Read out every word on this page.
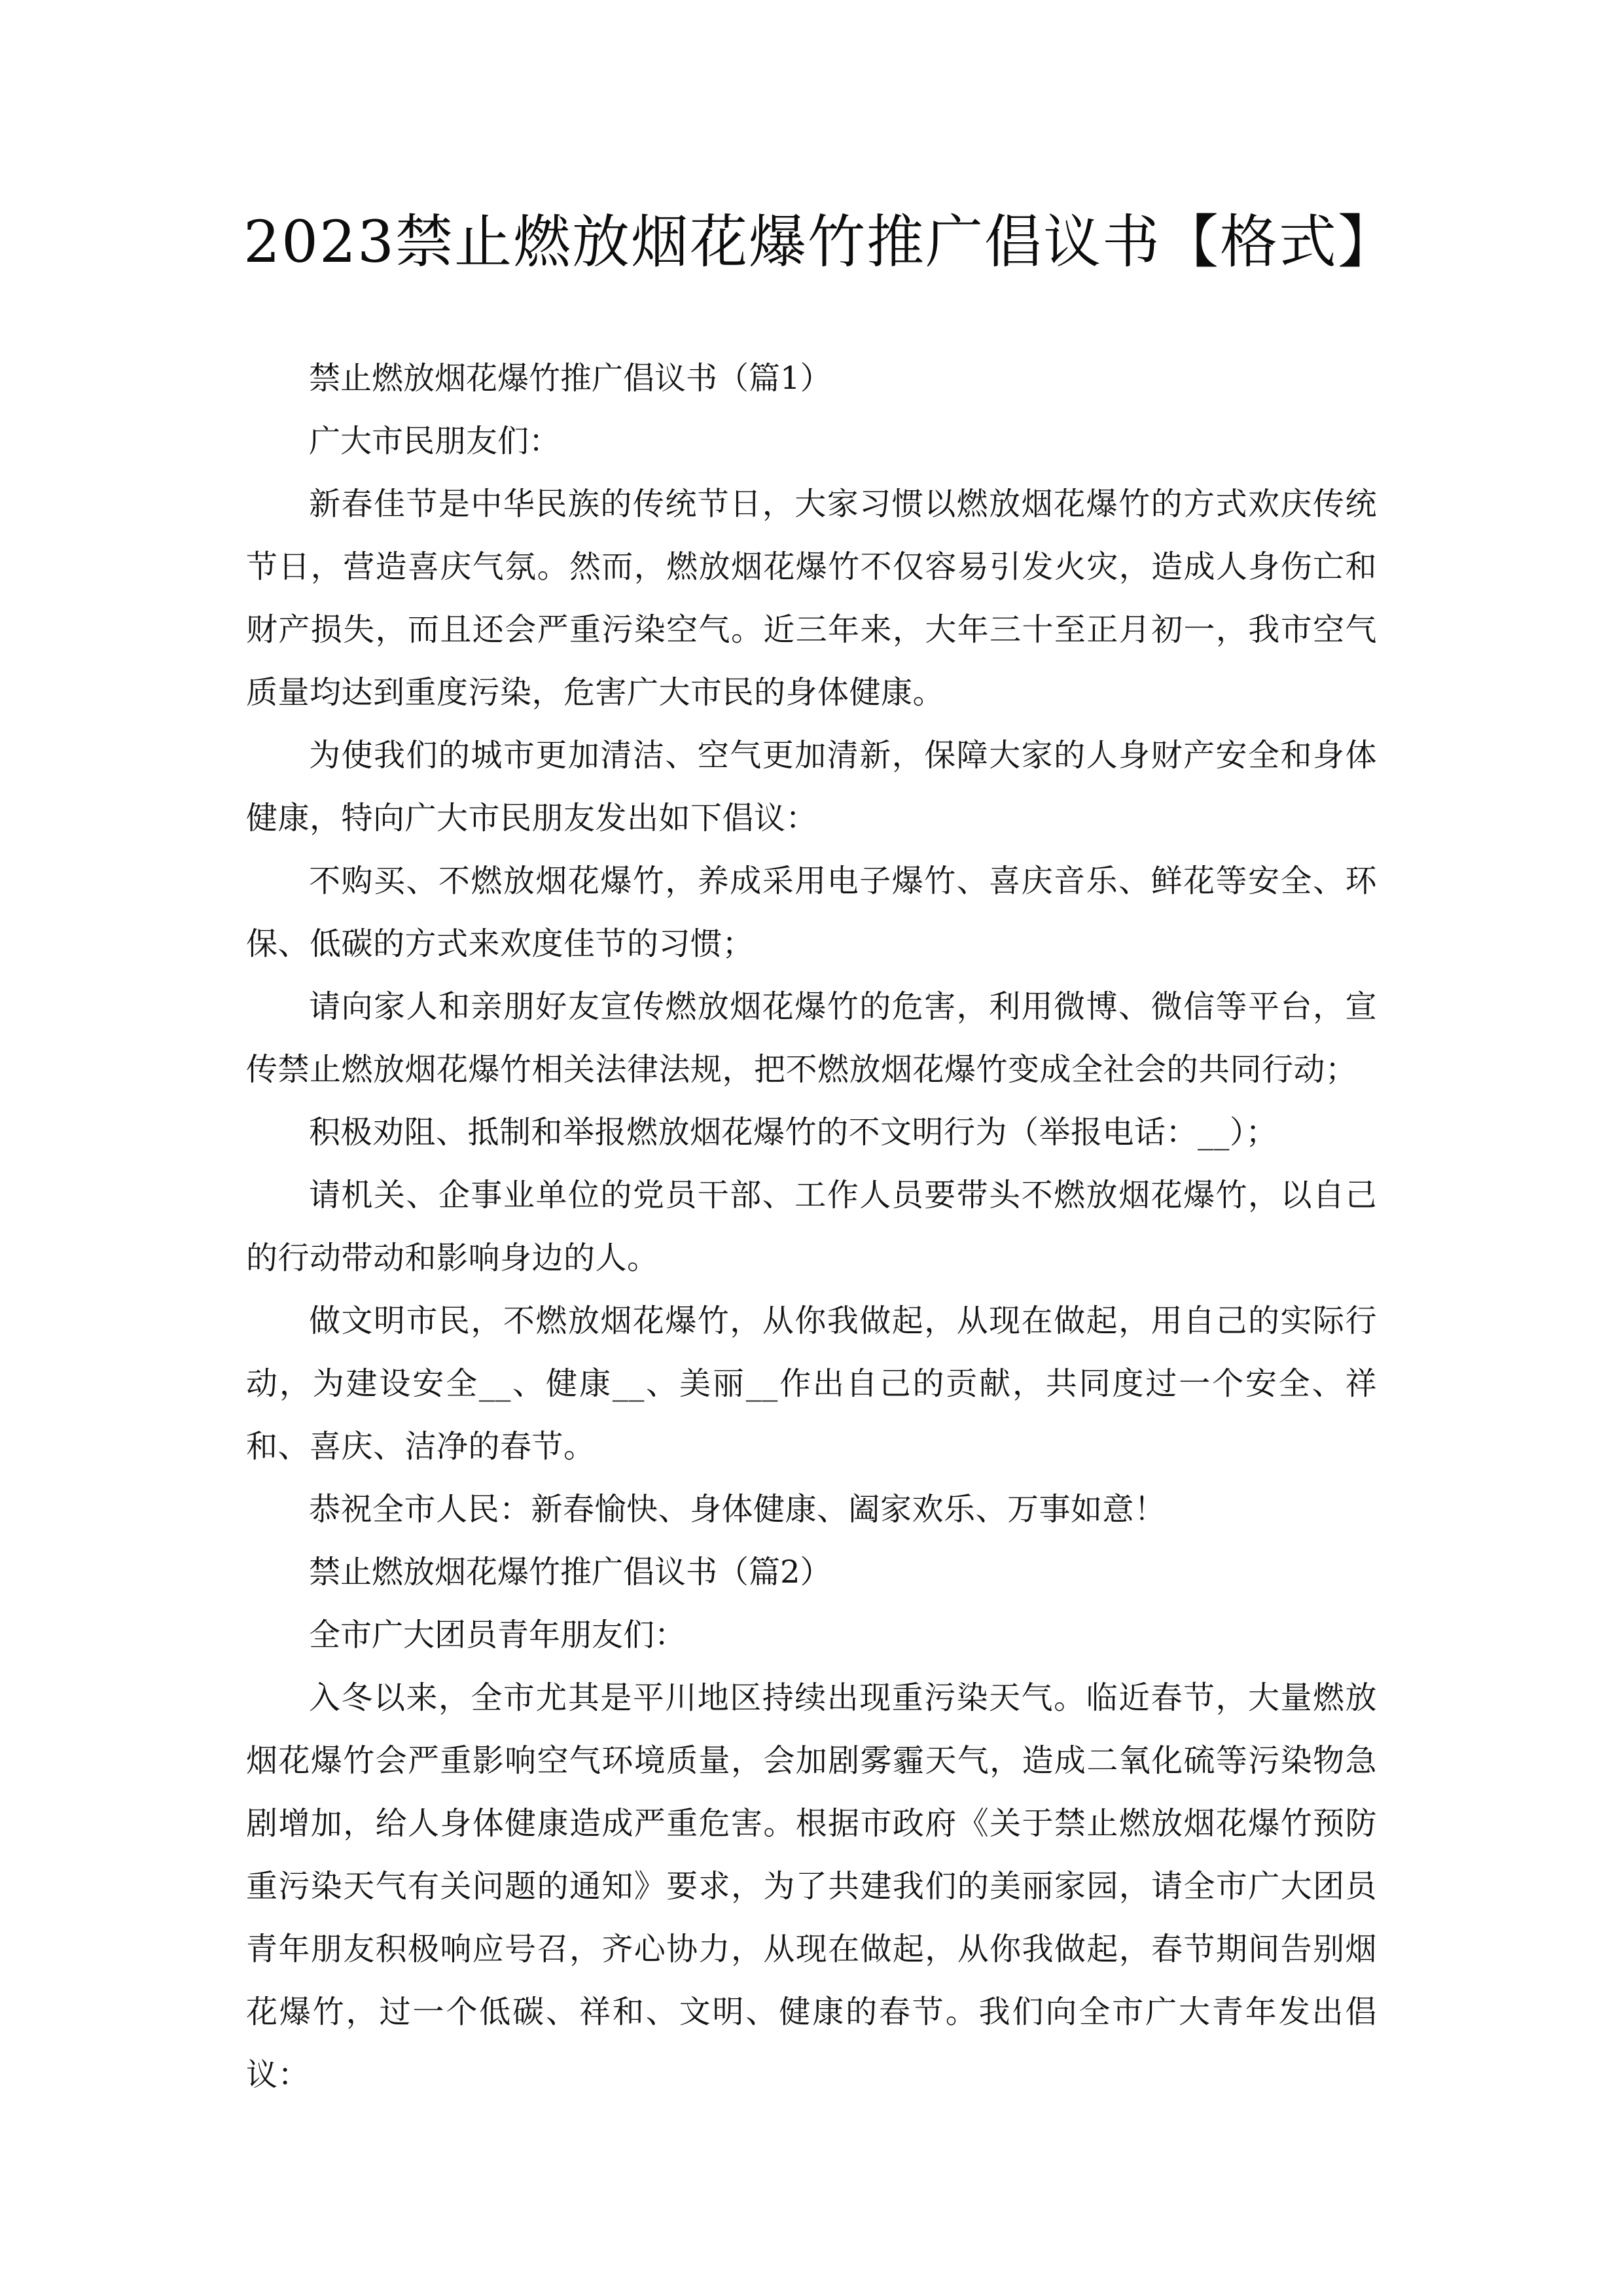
2023禁止燃放烟花爆竹推广倡议书【格式】

禁止燃放烟花爆竹推广倡议书（篇1）

广大市民朋友们：

新春佳节是中华民族的传统节日，大家习惯以燃放烟花爆竹的方式欢庆传统节日，营造喜庆气氛。然而，燃放烟花爆竹不仅容易引发火灾，造成人身伤亡和财产损失，而且还会严重污染空气。近三年来，大年三十至正月初一，我市空气质量均达到重度污染，危害广大市民的身体健康。

为使我们的城市更加清洁、空气更加清新，保障大家的人身财产安全和身体健康，特向广大市民朋友发出如下倡议：

不购买、不燃放烟花爆竹，养成采用电子爆竹、喜庆音乐、鲜花等安全、环保、低碳的方式来欢度佳节的习惯；

请向家人和亲朋好友宣传燃放烟花爆竹的危害，利用微博、微信等平台，宣传禁止燃放烟花爆竹相关法律法规，把不燃放烟花爆竹变成全社会的共同行动；

积极劝阻、抵制和举报燃放烟花爆竹的不文明行为（举报电话：__）；

请机关、企事业单位的党员干部、工作人员要带头不燃放烟花爆竹，以自己的行动带动和影响身边的人。

做文明市民，不燃放烟花爆竹，从你我做起，从现在做起，用自己的实际行动，为建设安全__、健康__、美丽__作出自己的贡献，共同度过一个安全、祥和、喜庆、洁净的春节。

恭祝全市人民：新春愉快、身体健康、阖家欢乐、万事如意！

禁止燃放烟花爆竹推广倡议书（篇2）

全市广大团员青年朋友们：

入冬以来，全市尤其是平川地区持续出现重污染天气。临近春节，大量燃放烟花爆竹会严重影响空气环境质量，会加剧雾霾天气，造成二氧化硫等污染物急剧增加，给人身体健康造成严重危害。根据市政府《关于禁止燃放烟花爆竹预防重污染天气有关问题的通知》要求，为了共建我们的美丽家园，请全市广大团员青年朋友积极响应号召，齐心协力，从现在做起，从你我做起，春节期间告别烟花爆竹，过一个低碳、祥和、文明、健康的春节。我们向全市广大青年发出倡议：
